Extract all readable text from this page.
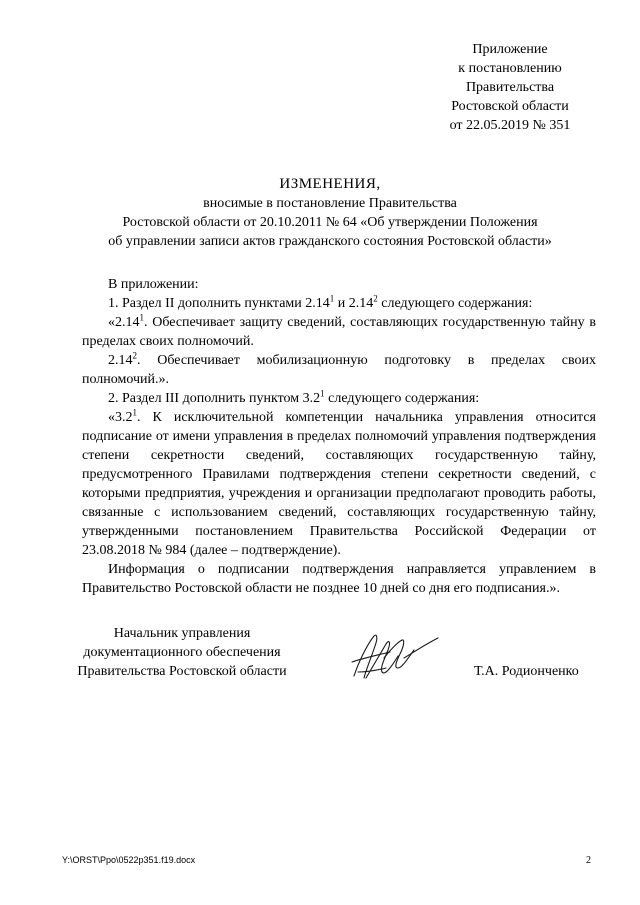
Приложение
к постановлению
Правительства
Ростовской области
от 22.05.2019 № 351
ИЗМЕНЕНИЯ,
вносимые в постановление Правительства
Ростовской области от 20.10.2011 № 64 «Об утверждении Положения
об управлении записи актов гражданского состояния Ростовской области»

В приложении:

1. Раздел II дополнить пунктами 2.14$^1$ и 2.14$^2$ следующего содержания:

«2.14$^1$. Обеспечивает защиту сведений, составляющих государственную тайну в пределах своих полномочий.

2.14$^2$. Обеспечивает мобилизационную подготовку в пределах своих полномочий.».

2. Раздел III дополнить пунктом $3.2^1$ следующего содержания:

«$3.2^1$. К исключительной компетенции начальника управления относится подписание от имени управления в пределах полномочий управления подтверждения степени секретности сведений, составляющих государственную тайну, предусмотренного Правилами подтверждения степени секретности сведений, с которыми предприятия, учреждения и организации предполагают проводить работы, связанные с использованием сведений, составляющих государственную тайну, утвержденными постановлением Правительства Российской Федерации от 23.08.2018 № 984 (далее – подтверждение).

Информация о подписании подтверждения направляется управлением в Правительство Ростовской области не позднее 10 дней со дня его подписания.».

Начальник управления
документационного обеспечения
Правительства Ростовской области	Т.А. Родионченко
Y:\ORST\Ppo\0522p351.f19.docx	2
